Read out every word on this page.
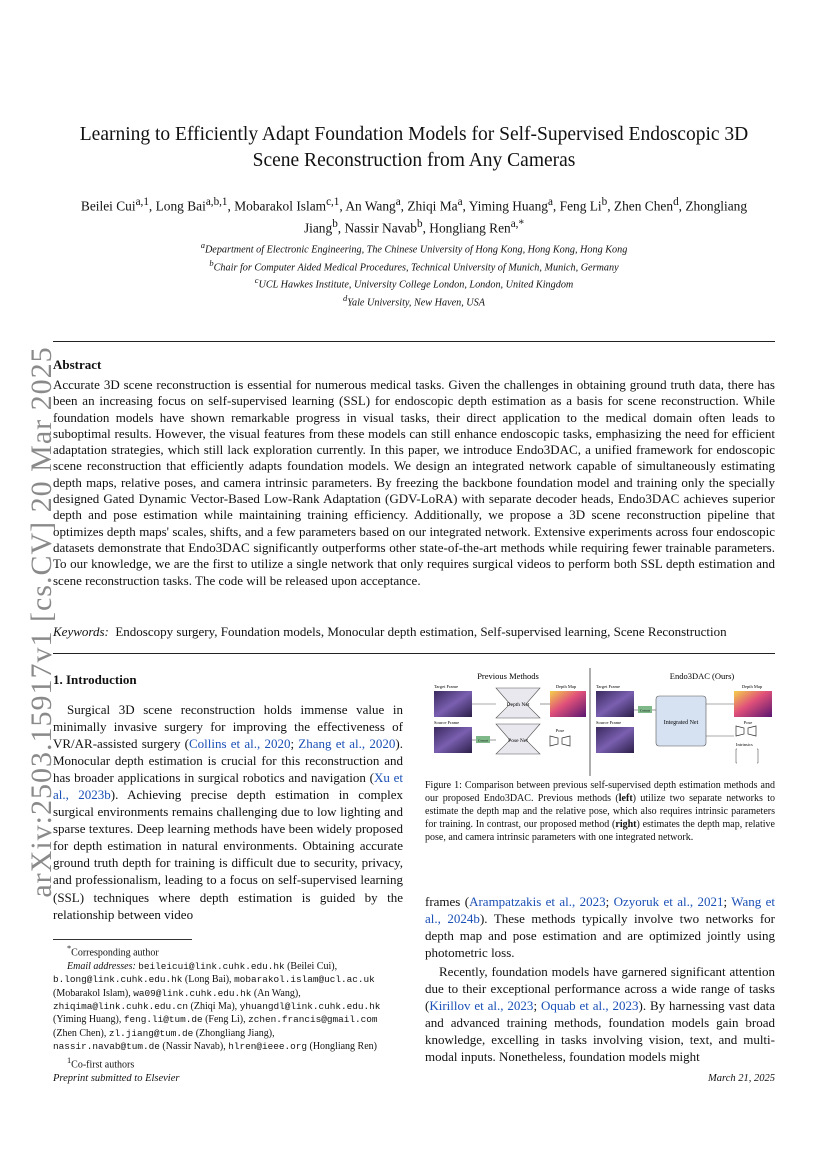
arXiv:2503.15917v1 [cs.CV] 20 Mar 2025
Learning to Efficiently Adapt Foundation Models for Self-Supervised Endoscopic 3D Scene Reconstruction from Any Cameras
Beilei Cui$^{a,1}$, Long Bai$^{a,b,1}$, Mobarakol Islam$^{c,1}$, An Wang$^a$, Zhiqi Ma$^a$, Yiming Huang$^a$, Feng Li$^b$, Zhen Chen$^d$, Zhongliang
Jiang$^b$, Nassir Navab$^b$, Hongliang Ren$^{a,*}$
$^a$Department of Electronic Engineering, The Chinese University of Hong Kong, Hong Kong, Hong Kong
$^b$Chair for Computer Aided Medical Procedures, Technical University of Munich, Munich, Germany
$^c$UCL Hawkes Institute, University College London, London, United Kingdom
$^d$Yale University, New Haven, USA
Abstract
Accurate 3D scene reconstruction is essential for numerous medical tasks. Given the challenges in obtaining ground truth data, there has been an increasing focus on self-supervised learning (SSL) for endoscopic depth estimation as a basis for scene reconstruction. While foundation models have shown remarkable progress in visual tasks, their direct application to the medical domain often leads to suboptimal results. However, the visual features from these models can still enhance endoscopic tasks, emphasizing the need for efficient adaptation strategies, which still lack exploration currently. In this paper, we introduce Endo3DAC, a unified framework for endoscopic scene reconstruction that efficiently adapts foundation models. We design an integrated network capable of simultaneously estimating depth maps, relative poses, and camera intrinsic parameters. By freezing the backbone foundation model and training only the specially designed Gated Dynamic Vector-Based Low-Rank Adaptation (GDV-LoRA) with separate decoder heads, Endo3DAC achieves superior depth and pose estimation while maintaining training efficiency. Additionally, we propose a 3D scene reconstruction pipeline that optimizes depth maps' scales, shifts, and a few parameters based on our integrated network. Extensive experiments across four endoscopic datasets demonstrate that Endo3DAC significantly outperforms other state-of-the-art methods while requiring fewer trainable parameters. To our knowledge, we are the first to utilize a single network that only requires surgical videos to perform both SSL depth estimation and scene reconstruction tasks. The code will be released upon acceptance.
Keywords: Endoscopy surgery, Foundation models, Monocular depth estimation, Self-supervised learning, Scene Reconstruction
1. Introduction
Surgical 3D scene reconstruction holds immense value in minimally invasive surgery for improving the effectiveness of VR/AR-assisted surgery (Collins et al., 2020; Zhang et al., 2020). Monocular depth estimation is crucial for this reconstruction and has broader applications in surgical robotics and navigation (Xu et al., 2023b). Achieving precise depth estimation in complex surgical environments remains challenging due to low lighting and sparse textures. Deep learning methods have been widely proposed for depth estimation in natural environments. Obtaining accurate ground truth depth for training is difficult due to security, privacy, and professionalism, leading to a focus on self-supervised learning (SSL) techniques where depth estimation is guided by the relationship between video
*Corresponding author
Email addresses: beileicui@link.cuhk.edu.hk (Beilei Cui),
b.long@link.cuhk.edu.hk (Long Bai), mobarakol.islam@ucl.ac.uk
(Mobarakol Islam), wa09@link.cuhk.edu.hk (An Wang),
zhiqima@link.cuhk.edu.cn (Zhiqi Ma), yhuangdl@link.cuhk.edu.hk
(Yiming Huang), feng.li@tum.de (Feng Li), zchen.francis@gmail.com
(Zhen Chen), zl.jiang@tum.de (Zhongliang Jiang),
nassir.navab@tum.de (Nassir Navab), hlren@ieee.org (Hongliang Ren)
$^1$Co-first authors
Previous Methods	Endo3DAC (Ours)
Target Frame
Source Frame
Depth Net
Pose Net
Concat
Depth Map
Pose
Target Frame
Source Frame
Concat
Integrated Net
Depth Map
Pose
Intrinsics
Figure 1: Comparison between previous self-supervised depth estimation methods and our proposed Endo3DAC. Previous methods (left) utilize two separate networks to estimate the depth map and the relative pose, which also requires intrinsic parameters for training. In contrast, our proposed method (right) estimates the depth map, relative pose, and camera intrinsic parameters with one integrated network.
frames (Arampatzakis et al., 2023; Ozyoruk et al., 2021; Wang et al., 2024b). These methods typically involve two networks for depth map and pose estimation and are optimized jointly using photometric loss.
Recently, foundation models have garnered significant attention due to their exceptional performance across a wide range of tasks (Kirillov et al., 2023; Oquab et al., 2023). By harnessing vast data and advanced training methods, foundation models gain broad knowledge, excelling in tasks involving vision, text, and multi-modal inputs. Nonetheless, foundation models might
Preprint submitted to Elsevier	March 21, 2025
